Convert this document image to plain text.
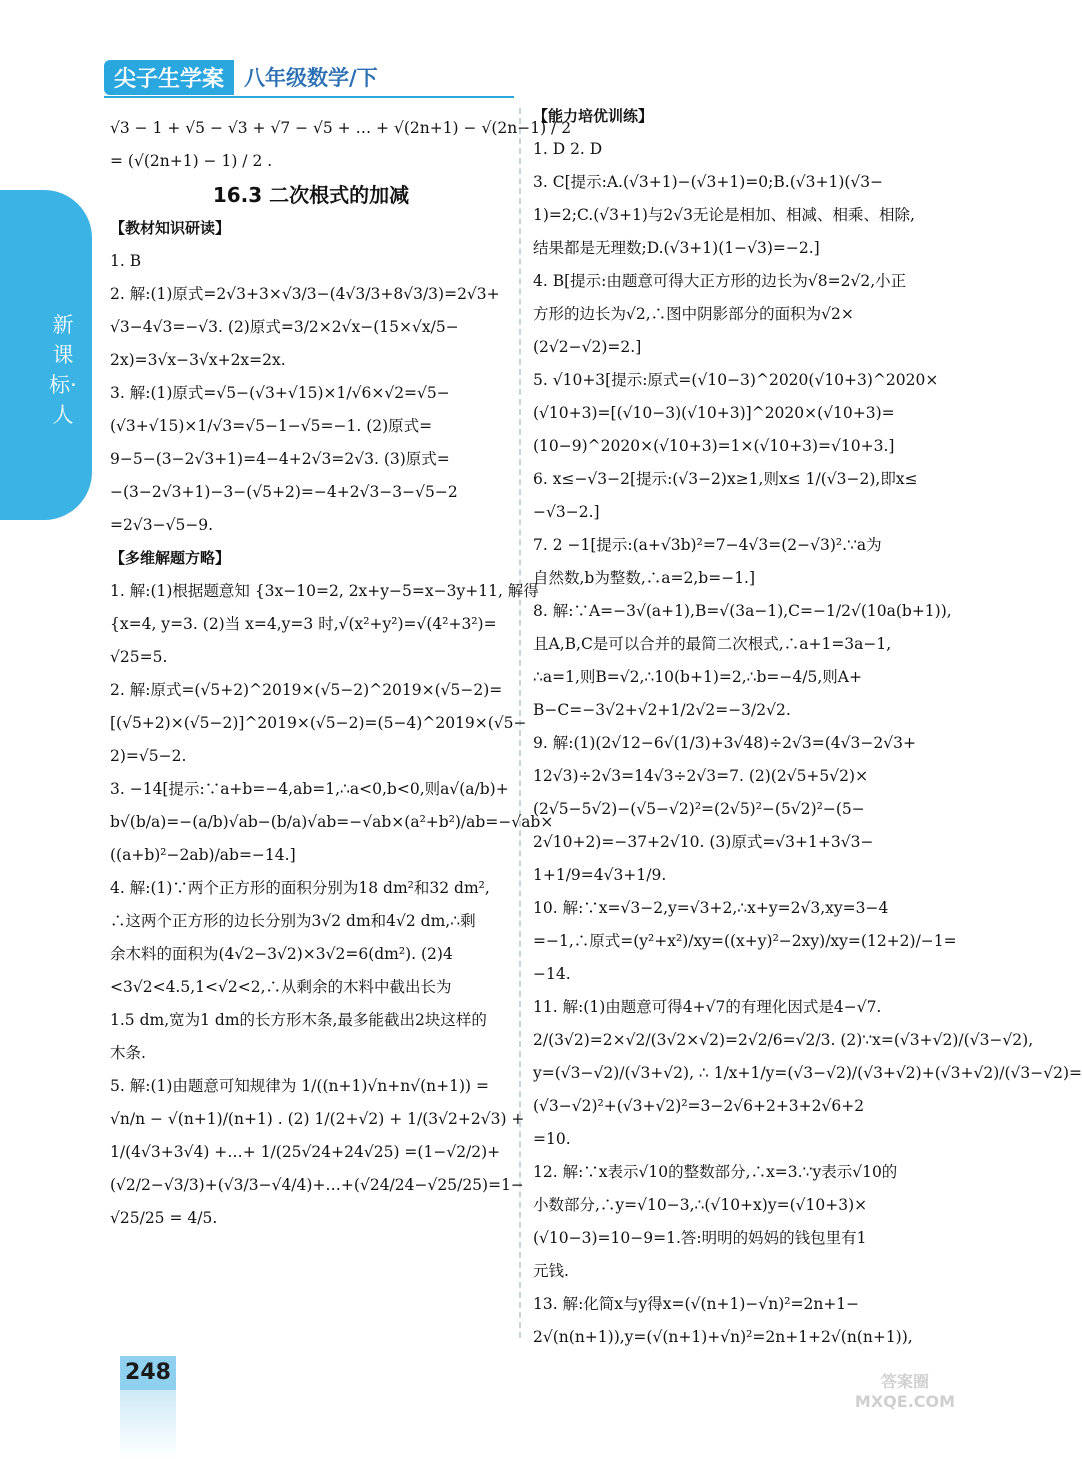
尖子生学案 八年级数学/下
新课标·人
√3 − 1 + √5 − √3 + √7 − √5 + … + √(2n+1) − √(2n−1) / 2
= (√(2n+1) − 1) / 2 .
16.3 二次根式的加减
【教材知识研读】
1. B
2. 解:(1)原式=2√3+3×√3/3−(4√3/3+8√3/3)=2√3+
√3−4√3=−√3. (2)原式=3/2×2√x−(15×√x/5−
2x)=3√x−3√x+2x=2x.
3. 解:(1)原式=√5−(√3+√15)×1/√6×√2=√5−
(√3+√15)×1/√3=√5−1−√5=−1. (2)原式=
9−5−(3−2√3+1)=4−4+2√3=2√3. (3)原式=
−(3−2√3+1)−3−(√5+2)=−4+2√3−3−√5−2
=2√3−√5−9.
【多维解题方略】
1. 解:(1)根据题意知 {3x−10=2, 2x+y−5=x−3y+11, 解得
{x=4, y=3. (2)当 x=4,y=3 时,√(x²+y²)=√(4²+3²)=
√25=5.
2. 解:原式=(√5+2)^2019×(√5−2)^2019×(√5−2)=
[(√5+2)×(√5−2)]^2019×(√5−2)=(5−4)^2019×(√5−
2)=√5−2.
3. −14[提示:∵a+b=−4,ab=1,∴a<0,b<0,则a√(a/b)+
b√(b/a)=−(a/b)√ab−(b/a)√ab=−√ab×(a²+b²)/ab=−√ab×
((a+b)²−2ab)/ab=−14.]
4. 解:(1)∵两个正方形的面积分别为18 dm²和32 dm²,
∴这两个正方形的边长分别为3√2 dm和4√2 dm,∴剩
余木料的面积为(4√2−3√2)×3√2=6(dm²). (2)4
<3√2<4.5,1<√2<2,∴从剩余的木料中截出长为
1.5 dm,宽为1 dm的长方形木条,最多能截出2块这样的
木条.
5. 解:(1)由题意可知规律为 1/((n+1)√n+n√(n+1)) =
√n/n − √(n+1)/(n+1) . (2) 1/(2+√2) + 1/(3√2+2√3) +
1/(4√3+3√4) +…+ 1/(25√24+24√25) =(1−√2/2)+
(√2/2−√3/3)+(√3/3−√4/4)+…+(√24/24−√25/25)=1−
√25/25 = 4/5.
【能力培优训练】
1. D 2. D
3. C[提示:A.(√3+1)−(√3+1)=0;B.(√3+1)(√3−
1)=2;C.(√3+1)与2√3无论是相加、相减、相乘、相除,
结果都是无理数;D.(√3+1)(1−√3)=−2.]
4. B[提示:由题意可得大正方形的边长为√8=2√2,小正
方形的边长为√2,∴图中阴影部分的面积为√2×
(2√2−√2)=2.]
5. √10+3[提示:原式=(√10−3)^2020(√10+3)^2020×
(√10+3)=[(√10−3)(√10+3)]^2020×(√10+3)=
(10−9)^2020×(√10+3)=1×(√10+3)=√10+3.]
6. x≤−√3−2[提示:(√3−2)x≥1,则x≤ 1/(√3−2),即x≤
−√3−2.]
7. 2 −1[提示:(a+√3b)²=7−4√3=(2−√3)².∵a为
自然数,b为整数,∴a=2,b=−1.]
8. 解:∵A=−3√(a+1),B=√(3a−1),C=−1/2√(10a(b+1)),
且A,B,C是可以合并的最简二次根式,∴a+1=3a−1,
∴a=1,则B=√2,∴10(b+1)=2,∴b=−4/5,则A+
B−C=−3√2+√2+1/2√2=−3/2√2.
9. 解:(1)(2√12−6√(1/3)+3√48)÷2√3=(4√3−2√3+
12√3)÷2√3=14√3÷2√3=7. (2)(2√5+5√2)×
(2√5−5√2)−(√5−√2)²=(2√5)²−(5√2)²−(5−
2√10+2)=−37+2√10. (3)原式=√3+1+3√3−
1+1/9=4√3+1/9.
10. 解:∵x=√3−2,y=√3+2,∴x+y=2√3,xy=3−4
=−1,∴原式=(y²+x²)/xy=((x+y)²−2xy)/xy=(12+2)/−1=
−14.
11. 解:(1)由题意可得4+√7的有理化因式是4−√7.
2/(3√2)=2×√2/(3√2×√2)=2√2/6=√2/3. (2)∵x=(√3+√2)/(√3−√2),
y=(√3−√2)/(√3+√2), ∴ 1/x+1/y=(√3−√2)/(√3+√2)+(√3+√2)/(√3−√2)=
(√3−√2)²+(√3+√2)²=3−2√6+2+3+2√6+2
=10.
12. 解:∵x表示√10的整数部分,∴x=3.∵y表示√10的
小数部分,∴y=√10−3,∴(√10+x)y=(√10+3)×
(√10−3)=10−9=1.答:明明的妈妈的钱包里有1
元钱.
13. 解:化简x与y得x=(√(n+1)−√n)²=2n+1−
2√(n(n+1)),y=(√(n+1)+√n)²=2n+1+2√(n(n+1)),
248	答案圈
MXQE.COM
